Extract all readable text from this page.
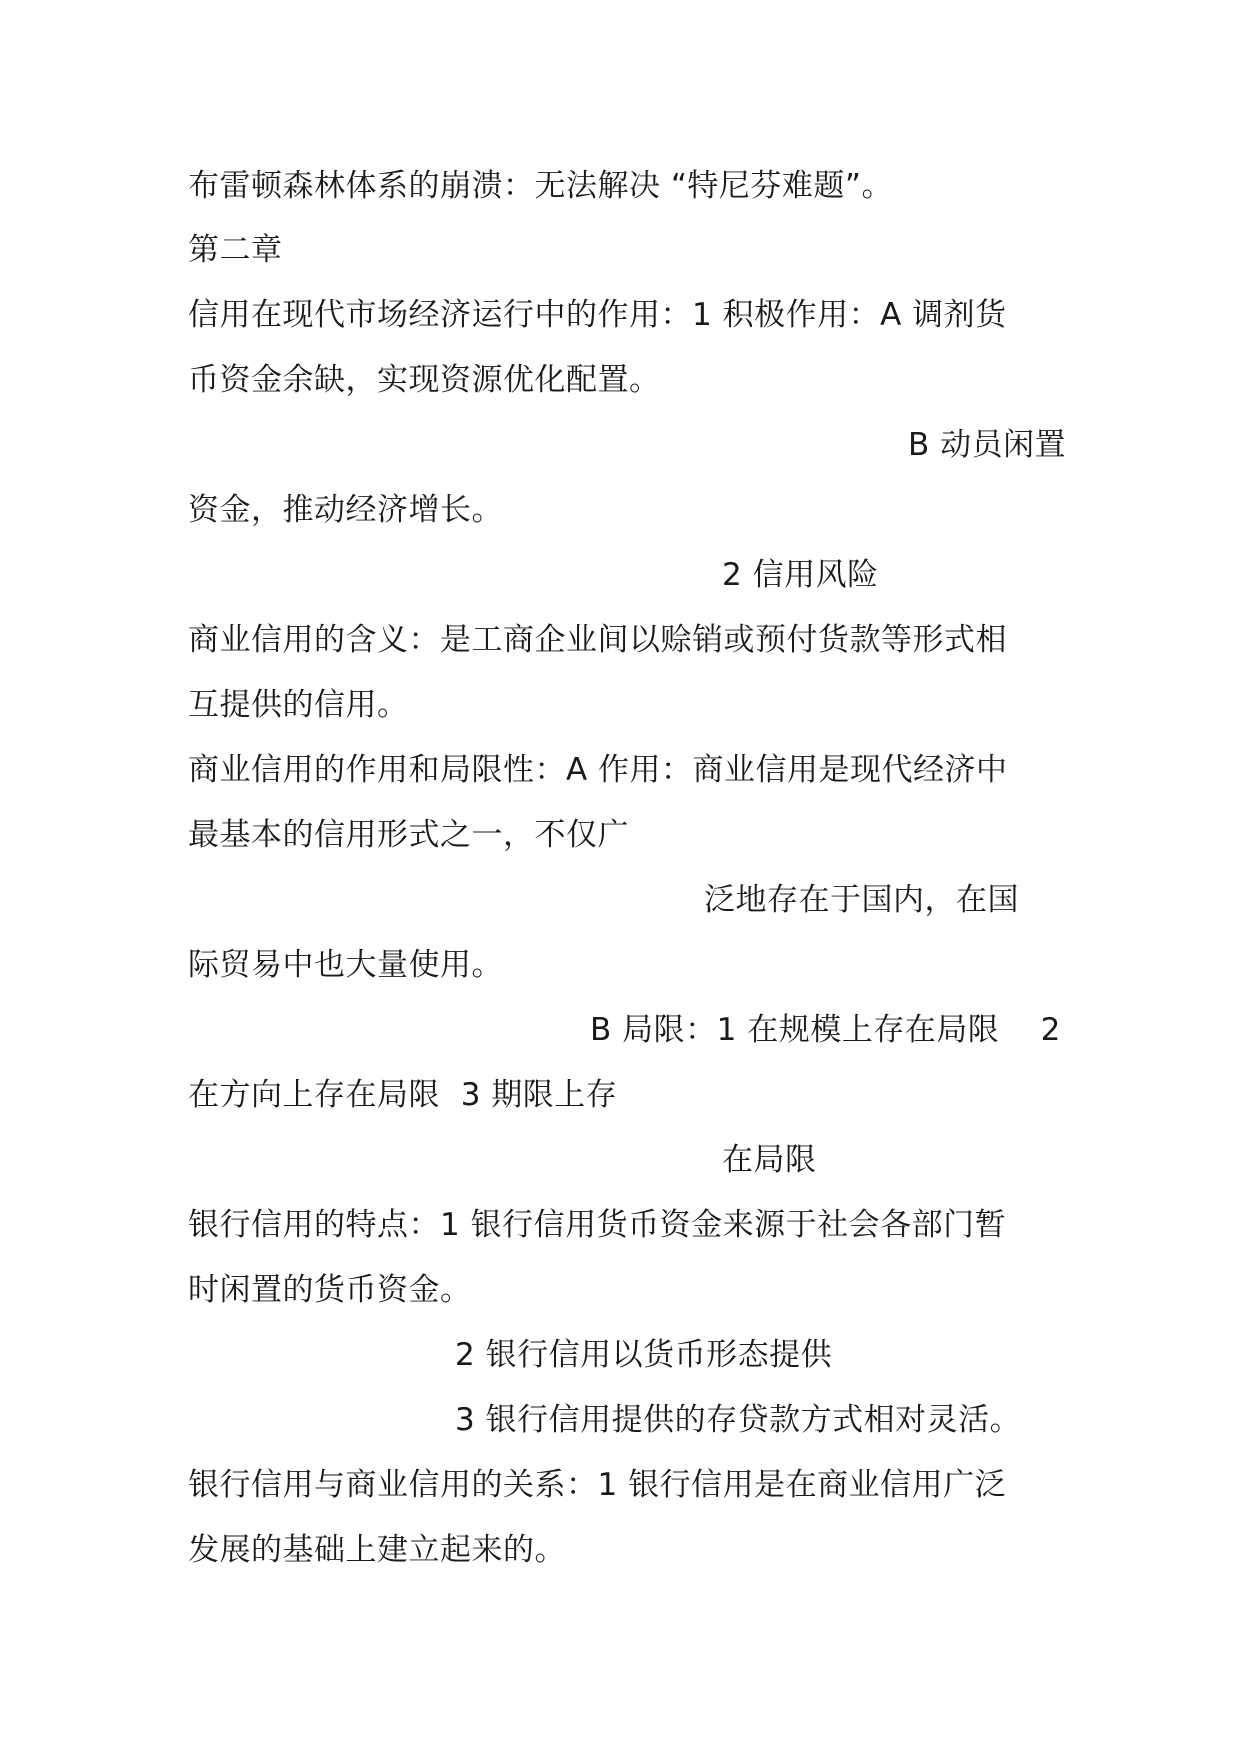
布雷顿森林体系的崩溃：无法解决 “特尼芬难题”。
第二章
信用在现代市场经济运行中的作用：1 积极作用：A 调剂货
币资金余缺，实现资源优化配置。
B 动员闲置
资金，推动经济增长。
2 信用风险
商业信用的含义：是工商企业间以赊销或预付货款等形式相
互提供的信用。
商业信用的作用和局限性：A 作用：商业信用是现代经济中
最基本的信用形式之一，不仅广
泛地存在于国内，在国
际贸易中也大量使用。
B 局限：1 在规模上存在局限    2
在方向上存在局限  3 期限上存
在局限
银行信用的特点：1 银行信用货币资金来源于社会各部门暂
时闲置的货币资金。
2 银行信用以货币形态提供
3 银行信用提供的存贷款方式相对灵活。
银行信用与商业信用的关系：1 银行信用是在商业信用广泛
发展的基础上建立起来的。
